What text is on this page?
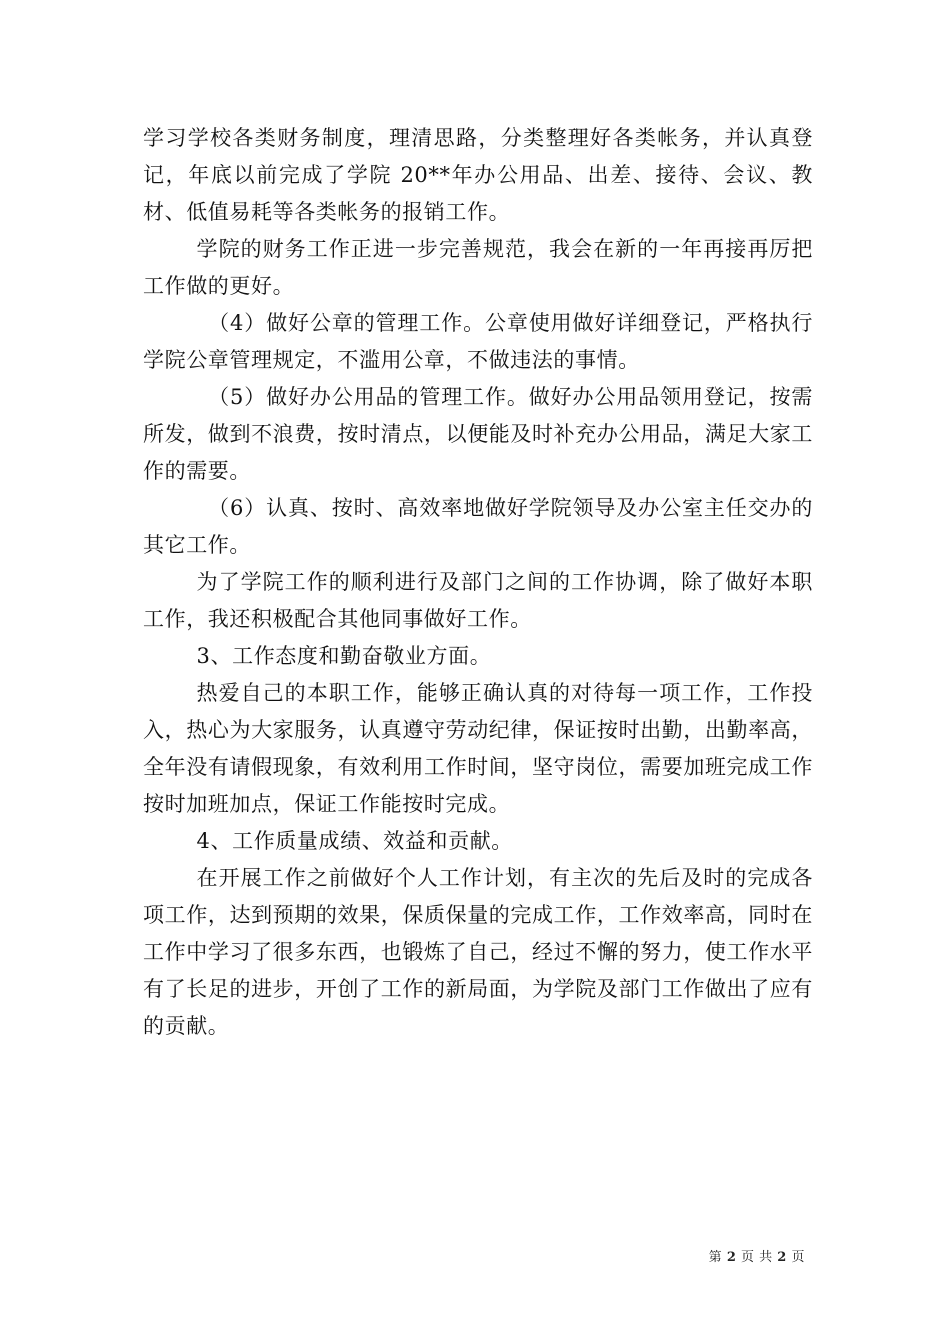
学习学校各类财务制度，理清思路，分类整理好各类帐务，并认真登记，年底以前完成了学院 20**年办公用品、出差、接待、会议、教材、低值易耗等各类帐务的报销工作。

学院的财务工作正进一步完善规范，我会在新的一年再接再厉把工作做的更好。

（4）做好公章的管理工作。公章使用做好详细登记，严格执行学院公章管理规定，不滥用公章，不做违法的事情。

（5）做好办公用品的管理工作。做好办公用品领用登记，按需所发，做到不浪费，按时清点，以便能及时补充办公用品，满足大家工作的需要。

（6）认真、按时、高效率地做好学院领导及办公室主任交办的其它工作。

为了学院工作的顺利进行及部门之间的工作协调，除了做好本职工作，我还积极配合其他同事做好工作。

3、工作态度和勤奋敬业方面。

热爱自己的本职工作，能够正确认真的对待每一项工作，工作投入，热心为大家服务，认真遵守劳动纪律，保证按时出勤，出勤率高，全年没有请假现象，有效利用工作时间，坚守岗位，需要加班完成工作按时加班加点，保证工作能按时完成。

4、工作质量成绩、效益和贡献。

在开展工作之前做好个人工作计划，有主次的先后及时的完成各项工作，达到预期的效果，保质保量的完成工作，工作效率高，同时在工作中学习了很多东西，也锻炼了自己，经过不懈的努力，使工作水平有了长足的进步，开创了工作的新局面，为学院及部门工作做出了应有的贡献。

第 2 页 共 2 页
